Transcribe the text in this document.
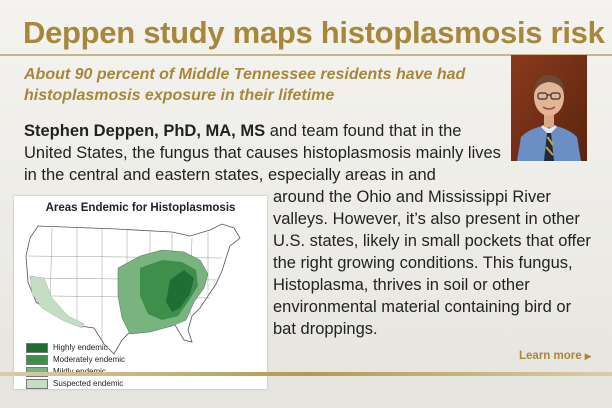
Deppen study maps histoplasmosis risk

About 90 percent of Middle Tennessee residents have had histoplasmosis exposure in their lifetime

Stephen Deppen, PhD, MA, MS and team found that in the United States, the fungus that causes histoplasmosis mainly lives in the central and eastern states, especially areas in and

around the Ohio and Mississippi River valleys. However, it’s also present in other U.S. states, likely in small pockets that offer the right growing conditions. This fungus, Histoplasma, thrives in soil or other environmental material containing bird or bat droppings.

Areas Endemic for Histoplasmosis
Highly endemic
Moderately endemic
Suspected endemic
Learn more ▶
